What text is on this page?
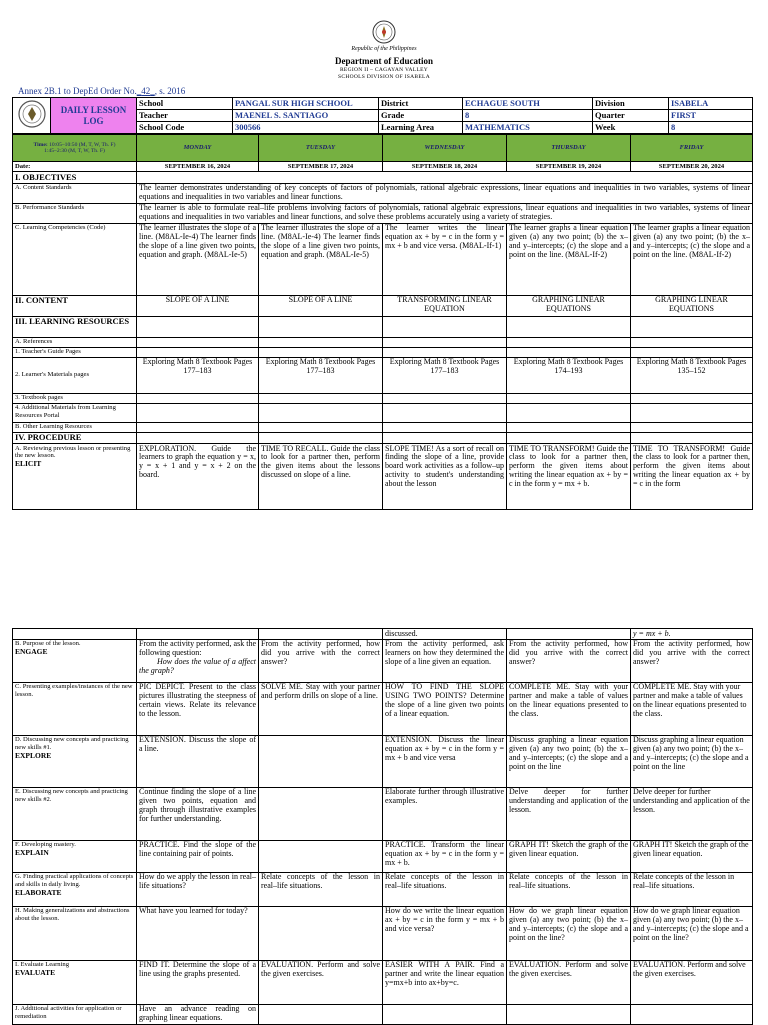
Republic of the Philippines
Department of Education
REGION II – CAGAYAN VALLEY
SCHOOLS DIVISION OF ISABELA
Annex 2B.1 to DepEd Order No._42_, s. 2016
	DAILY LESSON LOG	School	PANGAL SUR HIGH SCHOOL	District	ECHAGUE SOUTH	Division	ISABELA
		Teacher	MAENEL S. SANTIAGO	Grade	8	Quarter	FIRST
		School Code	300566	Learning Area	MATHEMATICS	Week	8
Time: 10:05–10:50 (M, T, W, Th. F)
1:45–2:30 (M, T, W, Th. F)	MONDAY	TUESDAY	WEDNESDAY	THURSDAY	FRIDAY
Date:	SEPTEMBER 16, 2024	SEPTEMBER 17, 2024	SEPTEMBER 18, 2024	SEPTEMBER 19, 2024	SEPTEMBER 20, 2024
I. OBJECTIVES					
A. Content Standards	The learner demonstrates understanding of key concepts of factors of polynomials, rational algebraic expressions, linear equations and inequalities in two variables, systems of linear equations and inequalities in two variables and linear functions.				
B. Performance Standards	The learner is able to formulate real–life problems involving factors of polynomials, rational algebraic expressions, linear equations and inequalities in two variables, systems of linear equations and inequalities in two variables and linear functions, and solve these problems accurately using a variety of strategies.				
C. Learning Competencies (Code)	The learner illustrates the slope of a line. (M8AL-Ie-4) The learner finds the slope of a line given two points, equation and graph. (M8AL-Ie-5)	The learner illustrates the slope of a line. (M8AL-Ie-4) The learner finds the slope of a line given two points, equation and graph. (M8AL-Ie-5)	The learner writes the linear equation ax + by = c in the form y = mx + b and vice versa. (M8AL-If-1)	The learner graphs a linear equation given (a) any two point; (b) the x– and y–intercepts; (c) the slope and a point on the line. (M8AL-If-2)	The learner graphs a linear equation given (a) any two point; (b) the x– and y–intercepts; (c) the slope and a point on the line. (M8AL-If-2)
II. CONTENT	SLOPE OF A LINE	SLOPE OF A LINE	TRANSFORMING LINEAR EQUATION	GRAPHING LINEAR EQUATIONS	GRAPHING LINEAR EQUATIONS
III. LEARNING RESOURCES					
A. References					
1. Teacher's Guide Pages					
2. Learner's Materials pages	Exploring Math 8 Textbook Pages 177–183	Exploring Math 8 Textbook Pages 177–183	Exploring Math 8 Textbook Pages 177–183	Exploring Math 8 Textbook Pages 174–193	Exploring Math 8 Textbook Pages 135–152
3. Textbook pages					
4. Additional Materials from Learning Resources Portal					
B. Other Learning Resources					
IV. PROCEDURE					
A. Reviewing previous lesson or presenting the new lesson.
ELICIT	EXPLORATION. Guide the learners to graph the equation y = x, y = x + 1 and y = x + 2 on the board.	TIME TO RECALL. Guide the class to look for a partner then, perform the given items about the lessons discussed on slope of a line.	SLOPE TIME! As a sort of recall on finding the slope of a line, provide board work activities as a follow–up activity to student's understanding about the lesson	TIME TO TRANSFORM! Guide the class to look for a partner then, perform the given items about writing the linear equation ax + by = c in the form y = mx + b.	TIME TO TRANSFORM! Guide the class to look for a partner then, perform the given items about writing the linear equation ax + by = c in the form
			discussed.		y = mx + b.
B. Purpose of the lesson.
ENGAGE	From the activity performed, ask the following question:
How does the value of a affect the graph?	From the activity performed, how did you arrive with the correct answer?	From the activity performed, ask learners on how they determined the slope of a line given an equation.	From the activity performed, how did you arrive with the correct answer?	From the activity performed, how did you arrive with the correct answer?
C. Presenting examples/instances of the new lesson.	PIC DEPICT. Present to the class pictures illustrating the steepness of certain views. Relate its relevance to the lesson.	SOLVE ME. Stay with your partner and perform drills on slope of a line.	HOW TO FIND THE SLOPE USING TWO POINTS? Determine the slope of a line given two points of a linear equation.	COMPLETE ME. Stay with your partner and make a table of values on the linear equations presented to the class.	COMPLETE ME. Stay with your partner and make a table of values on the linear equations presented to the class.
D. Discussing new concepts and practicing new skills #1.
EXPLORE	EXTENSION. Discuss the slope of a line.		EXTENSION. Discuss the linear equation ax + by = c in the form y = mx + b and vice versa	Discuss graphing a linear equation given (a) any two point; (b) the x– and y–intercepts; (c) the slope and a point on the line	Discuss graphing a linear equation given (a) any two point; (b) the x– and y–intercepts; (c) the slope and a point on the line
E. Discussing new concepts and practicing new skills #2.	Continue finding the slope of a line given two points, equation and graph through illustrative examples for further understanding.		Elaborate further through illustrative examples.	Delve deeper for further understanding and application of the lesson.	Delve deeper for further understanding and application of the lesson.
F. Developing mastery.
EXPLAIN	PRACTICE. Find the slope of the line containing pair of points.		PRACTICE. Transform the linear equation ax + by = c in the form y = mx + b.	GRAPH IT! Sketch the graph of the given linear equation.	GRAPH IT! Sketch the graph of the given linear equation.
G. Finding practical applications of concepts and skills in daily living.
ELABORATE	How do we apply the lesson in real–life situations?	Relate concepts of the lesson in real–life situations.	Relate concepts of the lesson in real–life situations.	Relate concepts of the lesson in real–life situations.	Relate concepts of the lesson in real–life situations.
H. Making generalizations and abstractions about the lesson.	What have you learned for today?		How do we write the linear equation ax + by = c in the form y = mx + b and vice versa?	How do we graph linear equation given (a) any two point; (b) the x– and y–intercepts; (c) the slope and a point on the line?	How do we graph linear equation given (a) any two point; (b) the x– and y–intercepts; (c) the slope and a point on the line?
I. Evaluate Learning
EVALUATE	FIND IT. Determine the slope of a line using the graphs presented.	EVALUATION. Perform and solve the given exercises.	EASIER WITH A PAIR. Find a partner and write the linear equation y=mx+b into ax+by=c.	EVALUATION. Perform and solve the given exercises.	EVALUATION. Perform and solve the given exercises.
J. Additional activities for application or remediation	Have an advance reading on graphing linear equations.				
